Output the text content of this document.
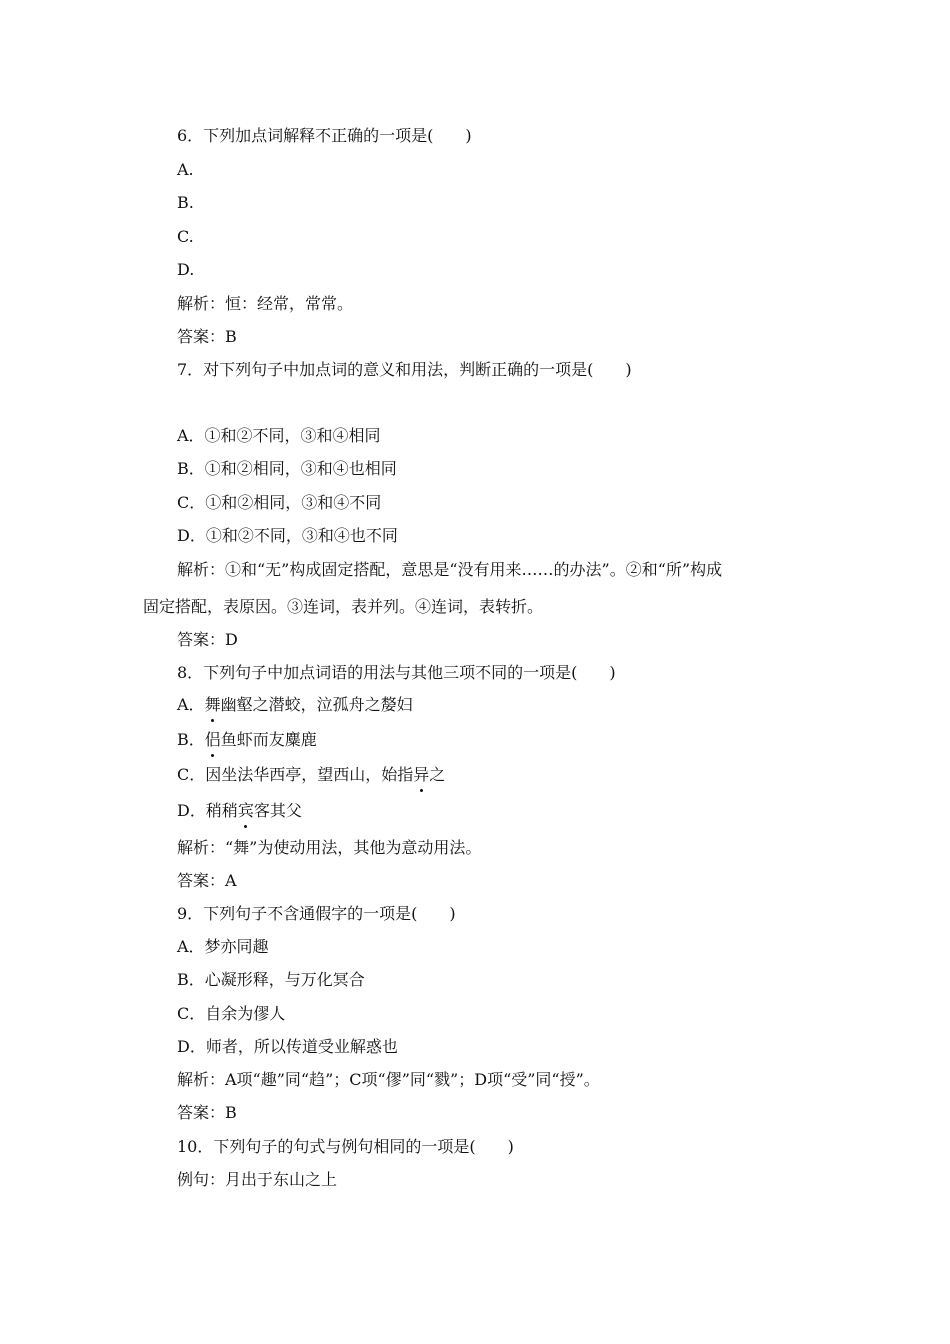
6．下列加点词解释不正确的一项是(　　)
A.
B.
C.
D.
解析：恒：经常，常常。
答案：B
7．对下列句子中加点词的意义和用法，判断正确的一项是(　　)
A．①和②不同，③和④相同
B．①和②相同，③和④也相同
C．①和②相同，③和④不同
D．①和②不同，③和④也不同
解析：①和“无”构成固定搭配，意思是“没有用来……的办法”。②和“所”构成
固定搭配，表原因。③连词，表并列。④连词，表转折。
答案：D
8．下列句子中加点词语的用法与其他三项不同的一项是(　　)
A．舞幽壑之潜蛟，泣孤舟之嫠妇
B．侣鱼虾而友麋鹿
C．因坐法华西亭，望西山，始指异之
D．稍稍宾客其父
解析：“舞”为使动用法，其他为意动用法。
答案：A
9．下列句子不含通假字的一项是(　　)
A．梦亦同趣
B．心凝形释，与万化冥合
C．自余为僇人
D．师者，所以传道受业解惑也
解析：A项“趣”同“趋”；C项“僇”同“戮”；D项“受”同“授”。
答案：B
10．下列句子的句式与例句相同的一项是(　　)
例句：月出于东山之上
